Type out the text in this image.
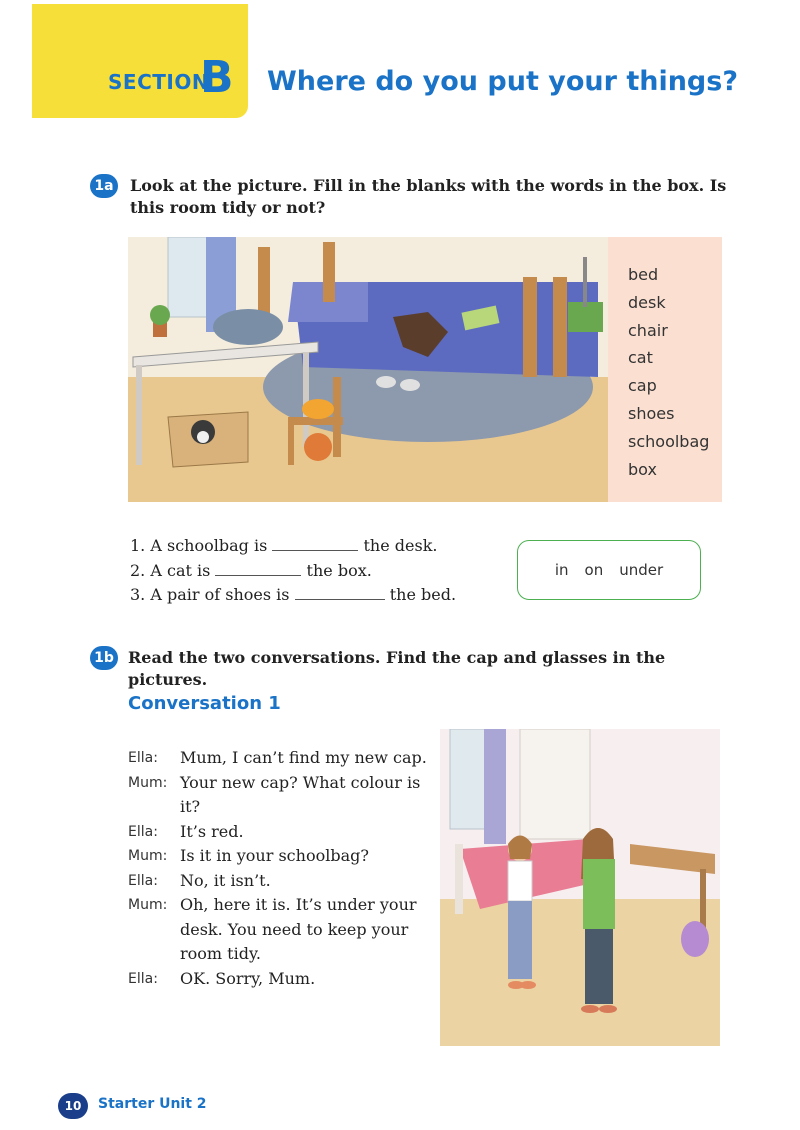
SECTION
B Where do you put your things?
1a Look at the picture. Fill in the blanks with the words in the box. Is this room tidy or not?
bed
desk
chair
cat
cap
shoes
schoolbag
box
1. A schoolbag is	the desk.
2. A cat is	the box.
3. A pair of shoes is	the bed.
in on under
1b Read the two conversations. Find the cap and glasses in the pictures.
Conversation 1
Ella: Mum, I can’t find my new cap.
Mum: Your new cap? What colour is it?
Ella: It’s red.
Mum: Is it in your schoolbag?
Ella: No, it isn’t.
Mum: Oh, here it is. It’s under your desk. You need to keep your room tidy.
Ella: OK. Sorry, Mum.
10	Starter Unit 2
